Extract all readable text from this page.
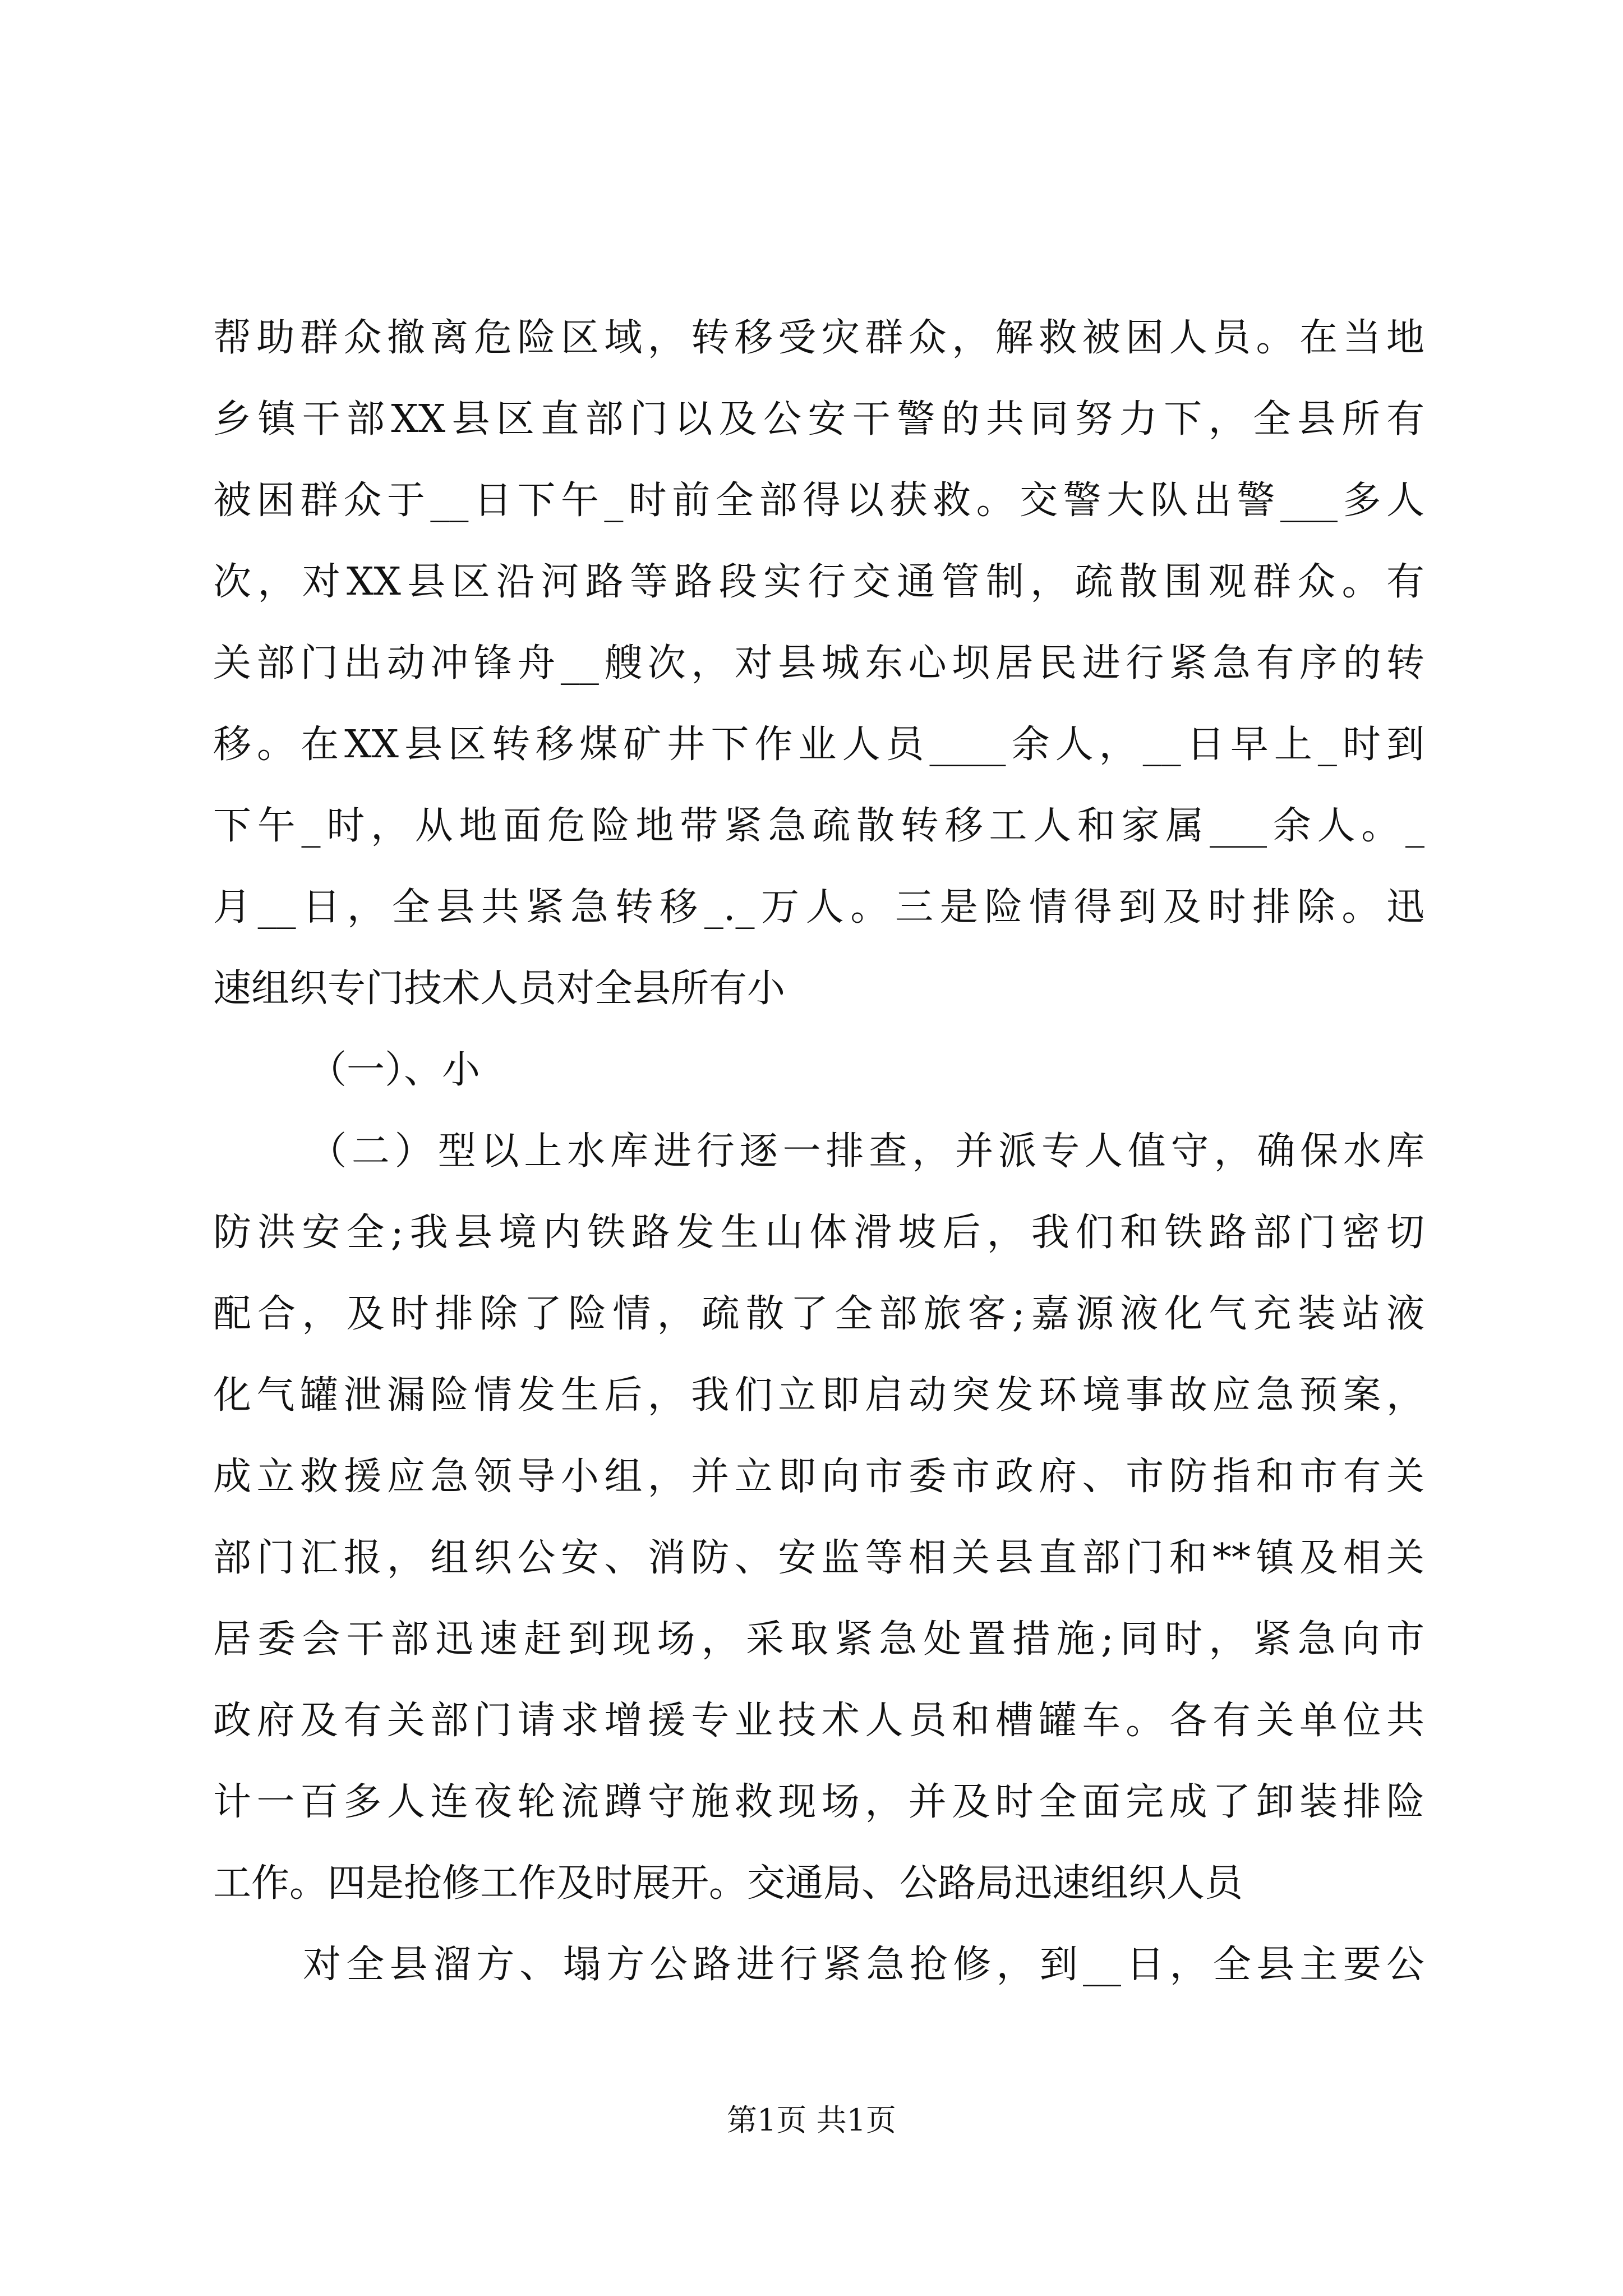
帮助群众撤离危险区域，转移受灾群众，解救被困人员。在当地
乡镇干部XX县区直部门以及公安干警的共同努力下，全县所有
被困群众于__日下午_时前全部得以获救。交警大队出警___多人
次，对XX县区沿河路等路段实行交通管制，疏散围观群众。有
关部门出动冲锋舟__艘次，对县城东心坝居民进行紧急有序的转
移。在XX县区转移煤矿井下作业人员____余人，__日早上_时到
下午_时，从地面危险地带紧急疏散转移工人和家属___余人。_
月__日，全县共紧急转移_._万人。三是险情得到及时排除。迅
速组织专门技术人员对全县所有小
（一）、小
（二）型以上水库进行逐一排查，并派专人值守，确保水库
防洪安全;我县境内铁路发生山体滑坡后，我们和铁路部门密切
配合，及时排除了险情，疏散了全部旅客;嘉源液化气充装站液
化气罐泄漏险情发生后，我们立即启动突发环境事故应急预案，
成立救援应急领导小组，并立即向市委市政府、市防指和市有关
部门汇报，组织公安、消防、安监等相关县直部门和**镇及相关
居委会干部迅速赶到现场，采取紧急处置措施;同时，紧急向市
政府及有关部门请求增援专业技术人员和槽罐车。各有关单位共
计一百多人连夜轮流蹲守施救现场，并及时全面完成了卸装排险
工作。四是抢修工作及时展开。交通局、公路局迅速组织人员
对全县溜方、塌方公路进行紧急抢修，到__日，全县主要公
第1页 共1页
